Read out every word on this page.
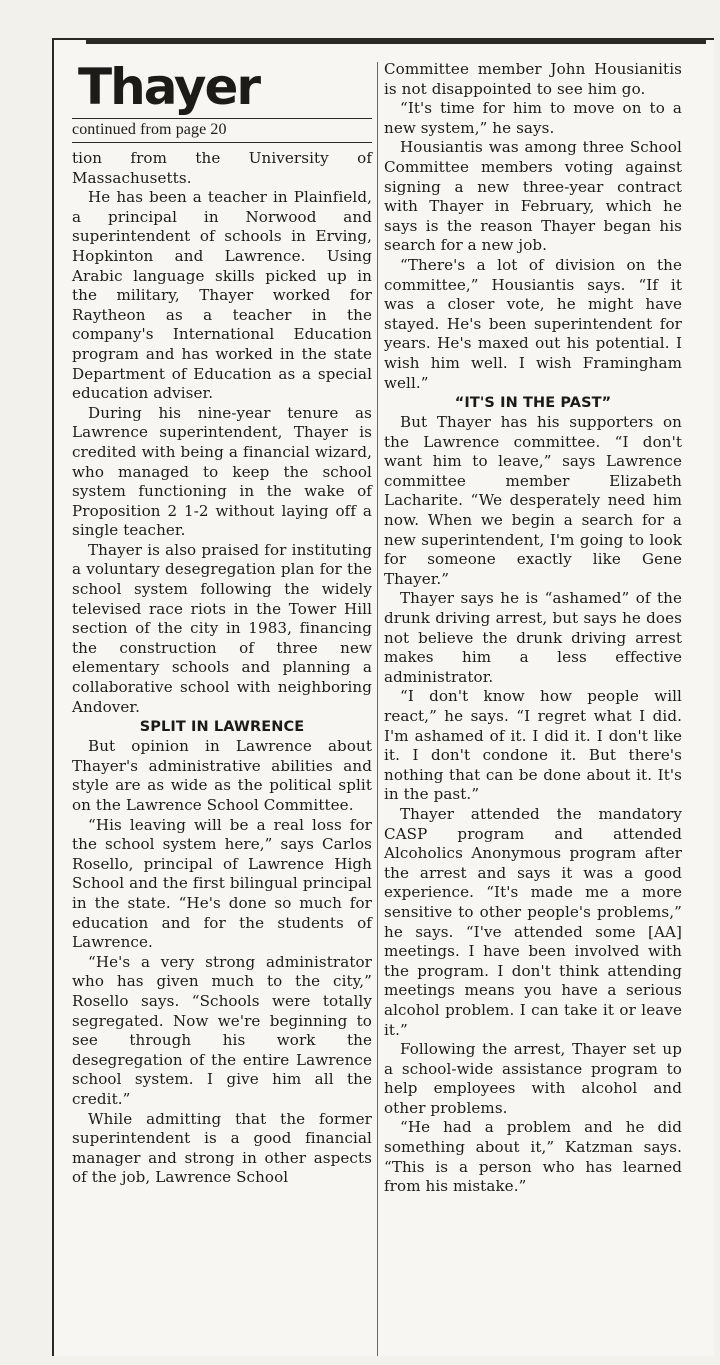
Thayer
continued from page 20

tion from the University of Massachusetts.

He has been a teacher in Plainfield, a principal in Norwood and superintendent of schools in Erving, Hopkinton and Lawrence. Using Arabic language skills picked up in the military, Thayer worked for Raytheon as a teacher in the company's International Education program and has worked in the state Department of Education as a special education adviser.

During his nine-year tenure as Lawrence superintendent, Thayer is credited with being a financial wizard, who managed to keep the school system functioning in the wake of Proposition 2 1-2 without laying off a single teacher.

Thayer is also praised for instituting a voluntary desegregation plan for the school system following the widely televised race riots in the Tower Hill section of the city in 1983, financing the construction of three new elementary schools and planning a collaborative school with neighboring Andover.

SPLIT IN LAWRENCE

But opinion in Lawrence about Thayer's administrative abilities and style are as wide as the political split on the Lawrence School Committee.

“His leaving will be a real loss for the school system here,” says Carlos Rosello, principal of Lawrence High School and the first bilingual principal in the state. “He's done so much for education and for the students of Lawrence.

“He's a very strong administrator who has given much to the city,” Rosello says. “Schools were totally segregated. Now we're beginning to see through his work the desegregation of the entire Lawrence school system. I give him all the credit.”

While admitting that the former superintendent is a good financial manager and strong in other aspects of the job, Lawrence School

Committee member John Housianitis is not disappointed to see him go.

“It's time for him to move on to a new system,” he says.

Housiantis was among three School Committee members voting against signing a new three-year contract with Thayer in February, which he says is the reason Thayer began his search for a new job.

“There's a lot of division on the committee,” Housiantis says. “If it was a closer vote, he might have stayed. He's been superintendent for years. He's maxed out his potential. I wish him well. I wish Framingham well.”

“IT'S IN THE PAST”

But Thayer has his supporters on the Lawrence committee. “I don't want him to leave,” says Lawrence committee member Elizabeth Lacharite. “We desperately need him now. When we begin a search for a new superintendent, I'm going to look for someone exactly like Gene Thayer.”

Thayer says he is “ashamed” of the drunk driving arrest, but says he does not believe the drunk driving arrest makes him a less effective administrator.

“I don't know how people will react,” he says. “I regret what I did. I'm ashamed of it. I did it. I don't like it. I don't condone it. But there's nothing that can be done about it. It's in the past.”

Thayer attended the mandatory CASP program and attended Alcoholics Anonymous program after the arrest and says it was a good experience. “It's made me a more sensitive to other people's problems,” he says. “I've attended some [AA] meetings. I have been involved with the program. I don't think attending meetings means you have a serious alcohol problem. I can take it or leave it.”

Following the arrest, Thayer set up a school-wide assistance program to help employees with alcohol and other problems.

“He had a problem and he did something about it,” Katzman says. “This is a person who has learned from his mistake.”
